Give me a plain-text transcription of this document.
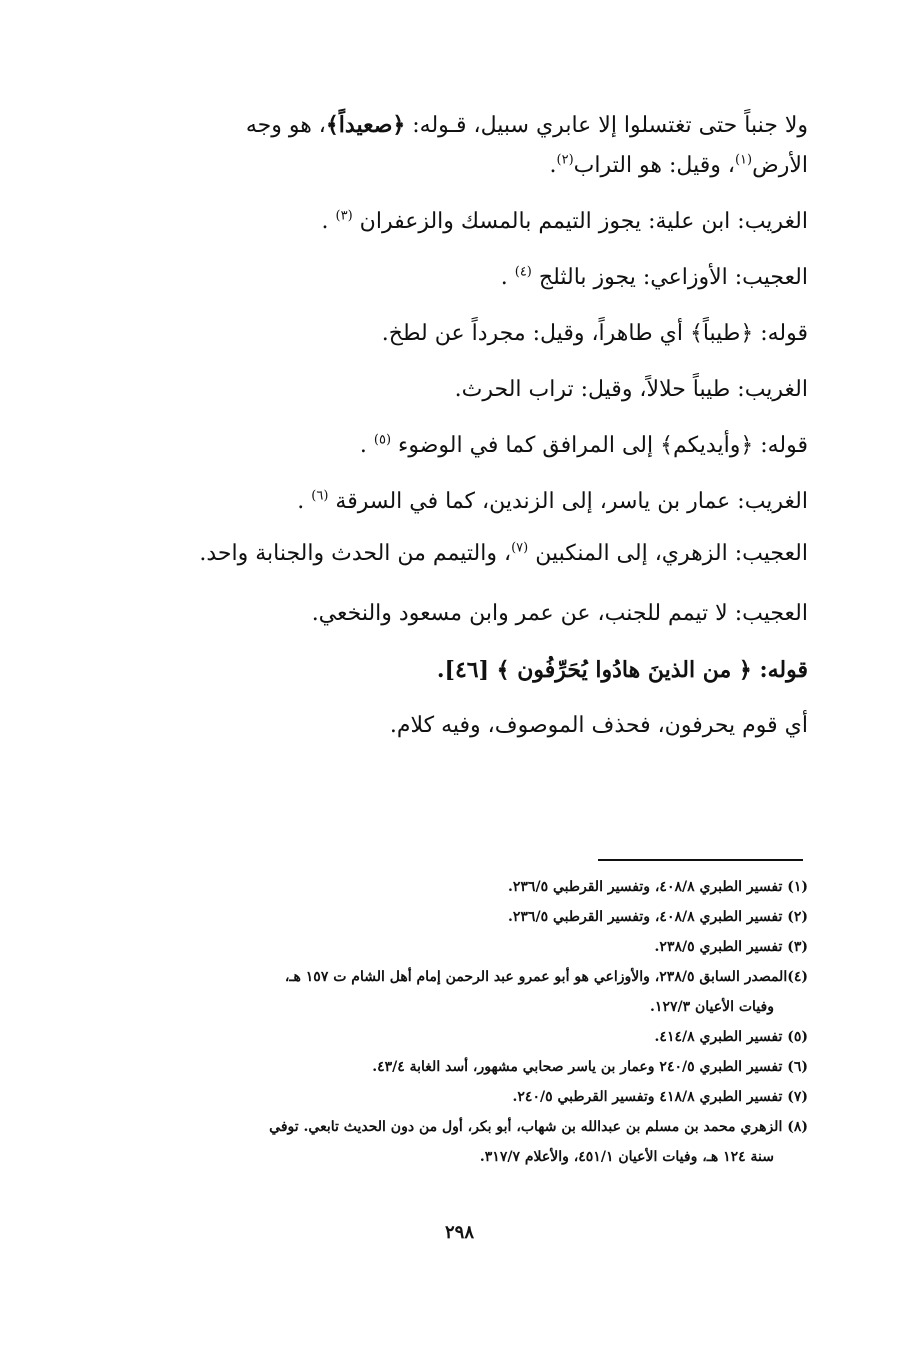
ولا جنباً حتى تغتسلوا إلا عابري سبيل، قـوله: ﴿صعيداً﴾، هو وجه
الأرض$^{(١)}$، وقيل: هو التراب$^{(٢)}$.

الغريب: ابن علية: يجوز التيمم بالمسك والزعفران $^{(٣)}$ .

العجيب: الأوزاعي: يجوز بالثلج $^{(٤)}$ .

قوله: ﴿طيباً﴾ أي طاهراً، وقيل: مجرداً عن لطخ.

الغريب: طيباً حلالاً، وقيل: تراب الحرث.

قوله: ﴿وأيديكم﴾ إلى المرافق كما في الوضوء $^{(٥)}$ .

الغريب: عمار بن ياسر، إلى الزندين، كما في السرقة $^{(٦)}$ .

العجيب: الزهري، إلى المنكبين $^{(٧)}$، والتيمم من الحدث والجنابة واحد.

العجيب: لا تيمم للجنب، عن عمر وابن مسعود والنخعي.

قوله: ﴿ من الذينَ هادُوا يُحَرِّفُون ﴾ [٤٦].

أي قوم يحرفون، فحذف الموصوف، وفيه كلام.

(١) تفسير الطبري ٤٠٨/٨، وتفسير القرطبي ٢٣٦/٥.

(٢) تفسير الطبري ٤٠٨/٨، وتفسير القرطبي ٢٣٦/٥.

(٣) تفسير الطبري ٢٣٨/٥.

(٤)المصدر السابق ٢٣٨/٥، والأوزاعي هو أبو عمرو عبد الرحمن إمام أهل الشام ت ١٥٧ هـ،
وفيات الأعيان ١٢٧/٣.

(٥) تفسير الطبري ٤١٤/٨.

(٦) تفسير الطبري ٢٤٠/٥ وعمار بن ياسر صحابي مشهور، أسد الغابة ٤٣/٤.

(٧) تفسير الطبري ٤١٨/٨ وتفسير القرطبي ٢٤٠/٥.

(٨) الزهري محمد بن مسلم بن عبدالله بن شهاب، أبو بكر، أول من دون الحديث تابعي. توفي
سنة ١٢٤ هـ، وفيات الأعيان ٤٥١/١، والأعلام ٣١٧/٧.

٢٩٨
